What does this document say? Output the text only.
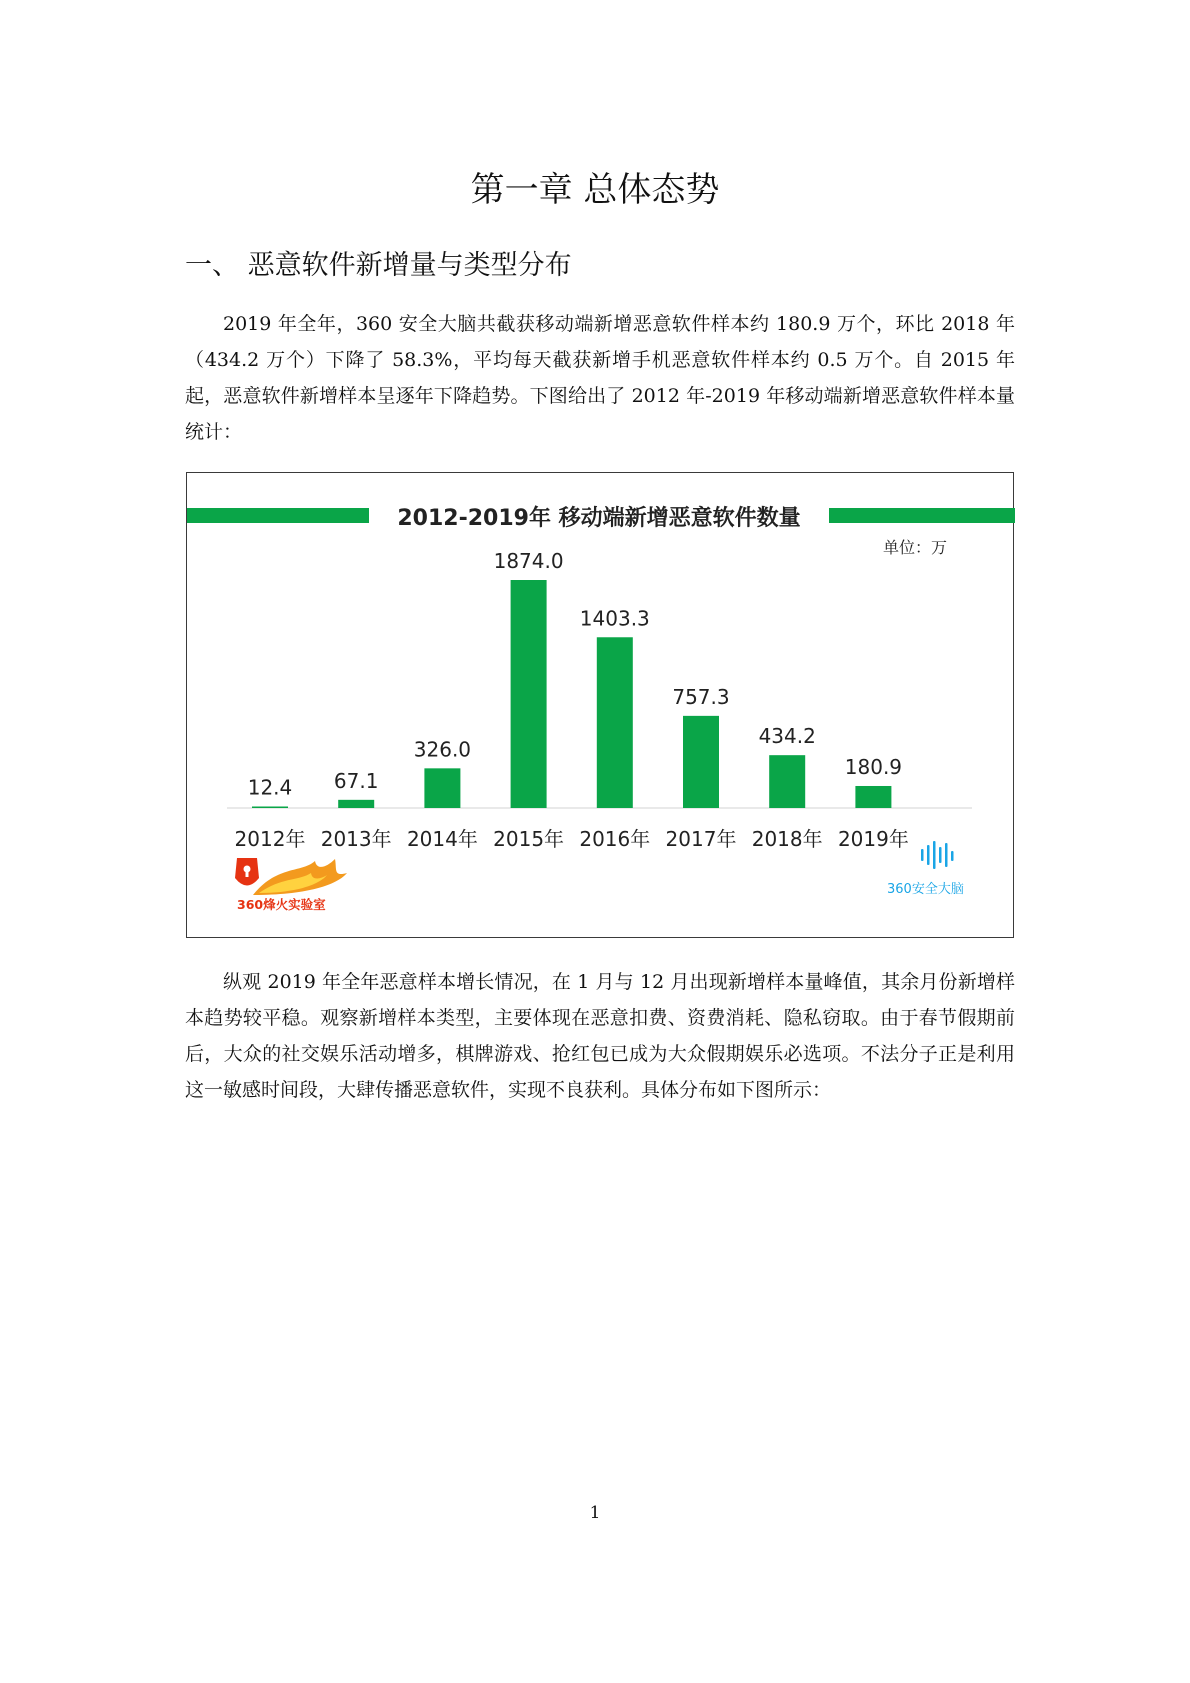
第一章 总体态势
一、 恶意软件新增量与类型分布

2019 年全年，360 安全大脑共截获移动端新增恶意软件样本约 180.9 万个，环比 2018 年（434.2 万个）下降了 58.3%，平均每天截获新增手机恶意软件样本约 0.5 万个。自 2015 年起，恶意软件新增样本呈逐年下降趋势。下图给出了 2012 年-2019 年移动端新增恶意软件样本量统计：

2012-2019年 移动端新增恶意软件数量
单位：万
12.4
2012年
67.1
2013年
326.0
2014年
1874.0
2015年
1403.3
2016年
757.3
2017年
434.2
2018年
180.9
2019年
360烽火实验室
360安全大脑

纵观 2019 年全年恶意样本增长情况，在 1 月与 12 月出现新增样本量峰值，其余月份新增样本趋势较平稳。观察新增样本类型，主要体现在恶意扣费、资费消耗、隐私窃取。由于春节假期前后，大众的社交娱乐活动增多，棋牌游戏、抢红包已成为大众假期娱乐必选项。不法分子正是利用这一敏感时间段，大肆传播恶意软件，实现不良获利。具体分布如下图所示：

1
